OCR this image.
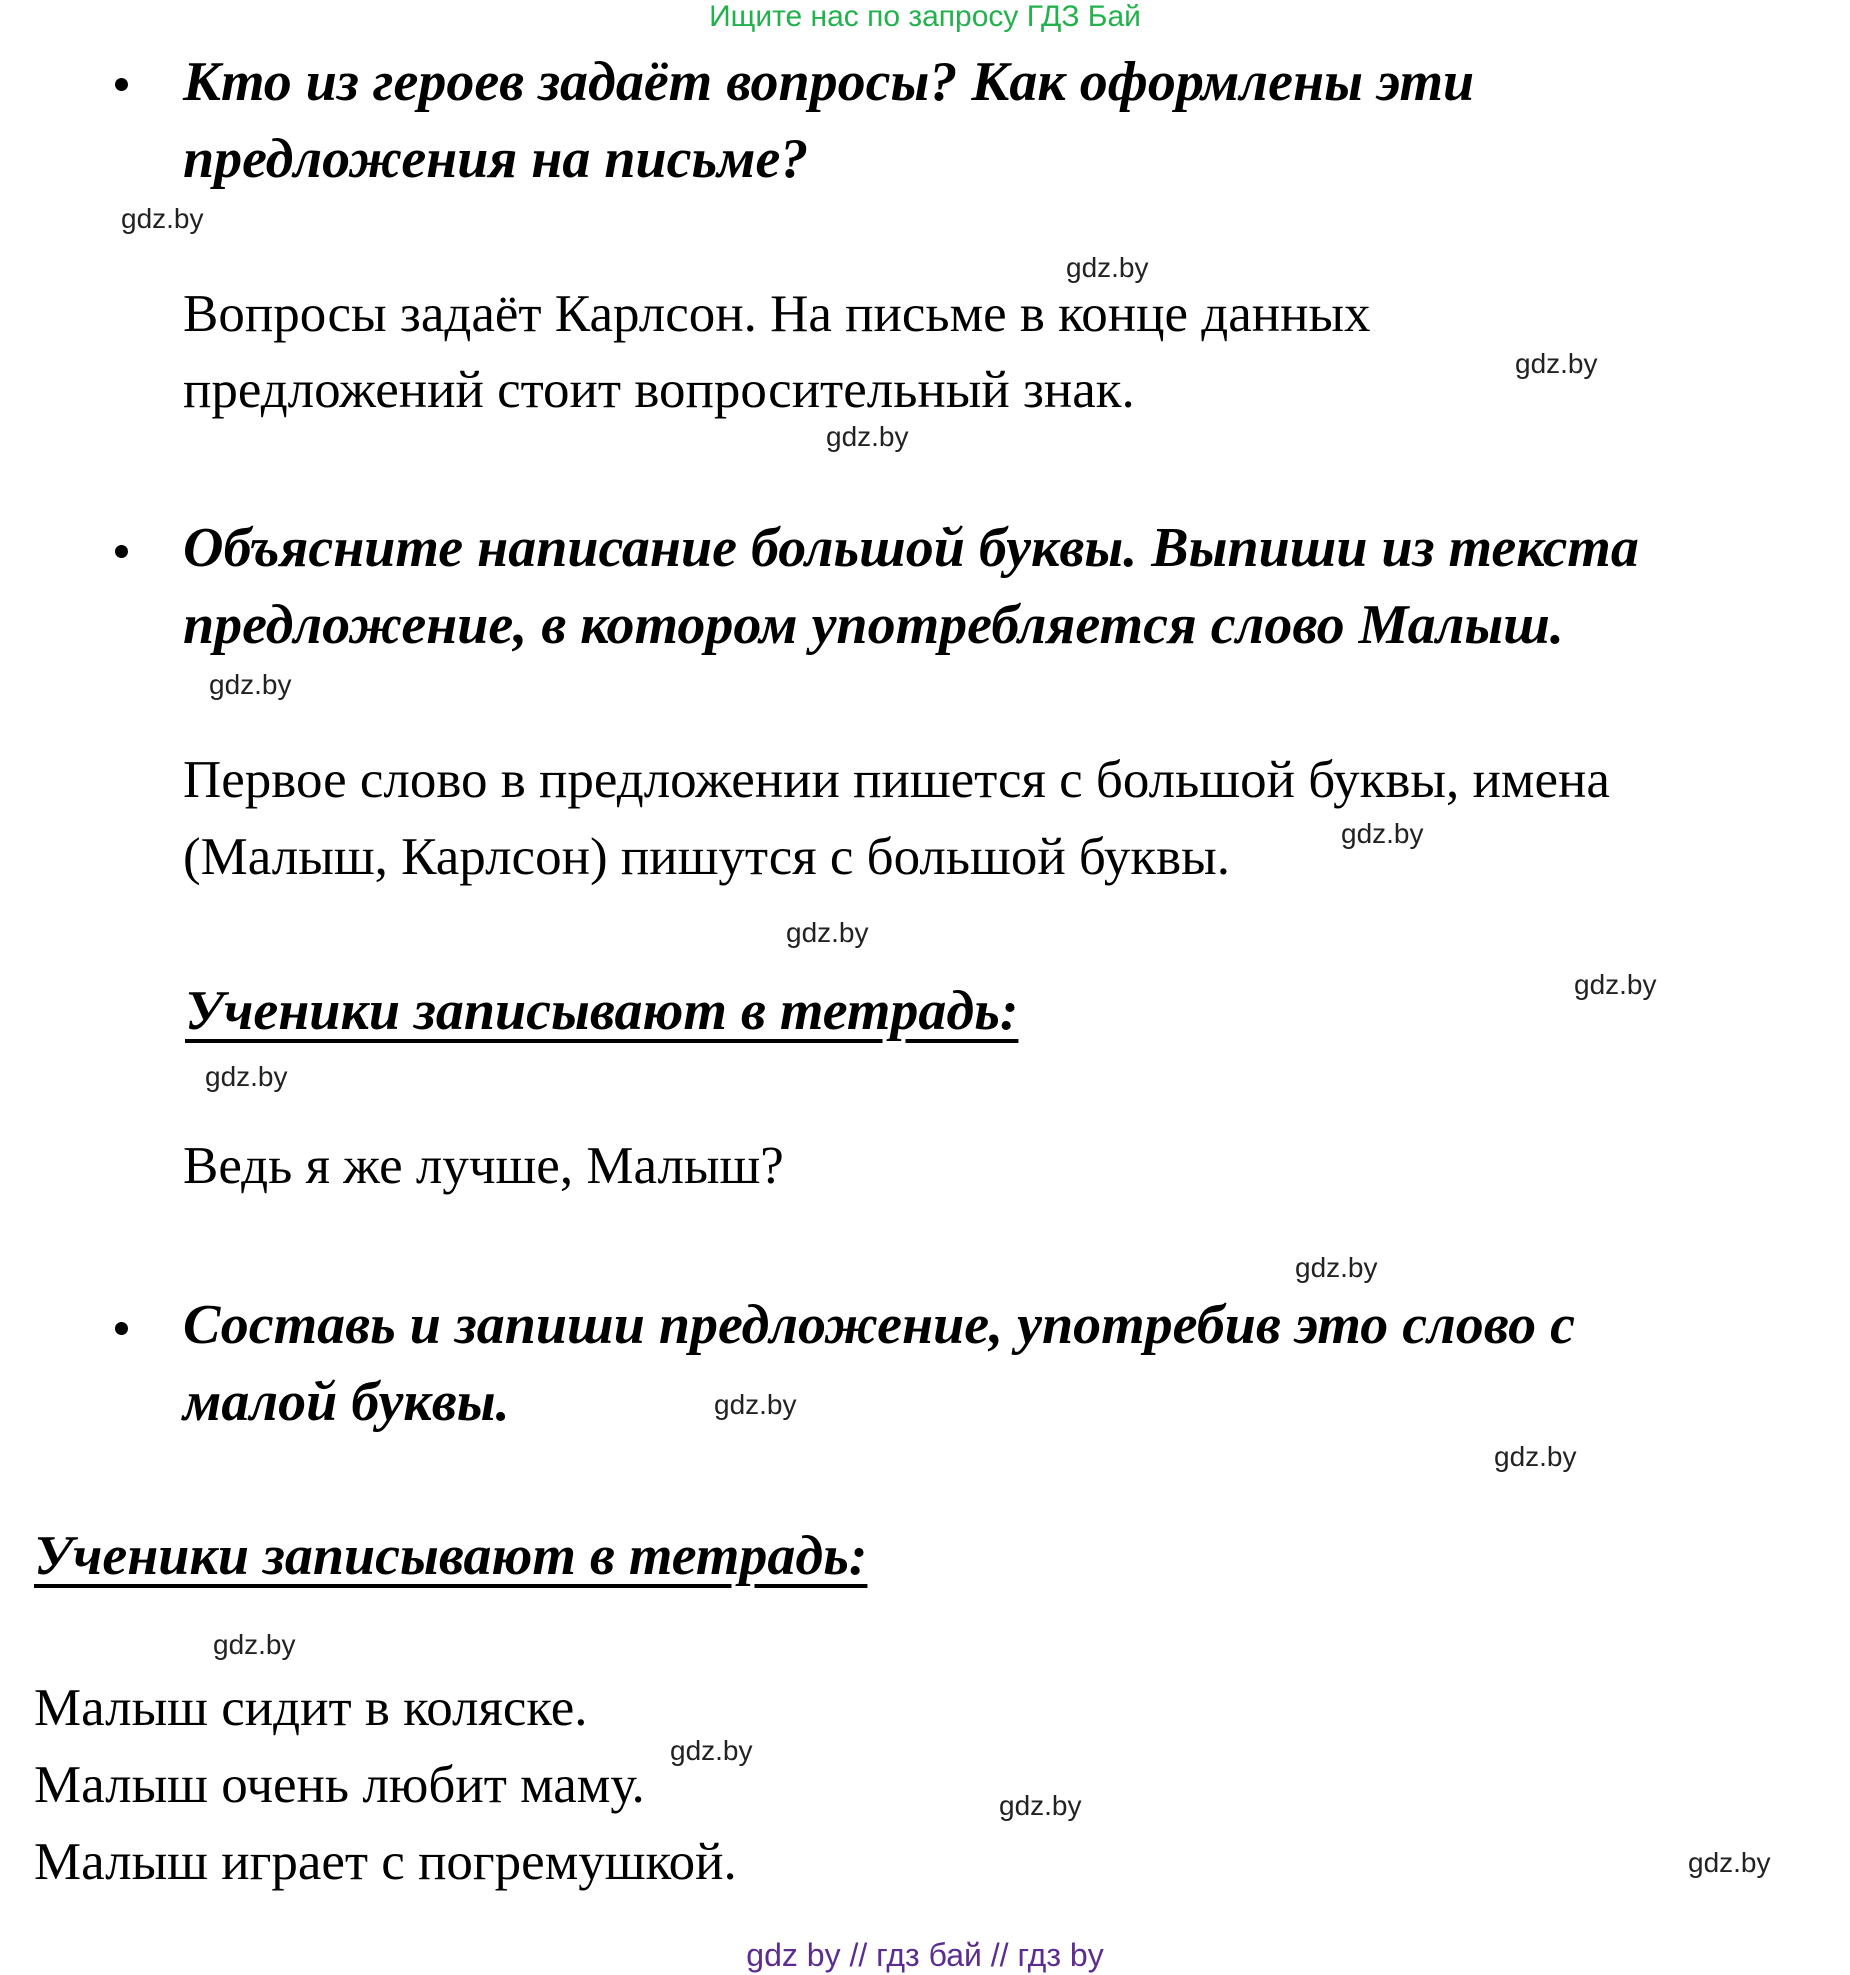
Ищите нас по запросу ГДЗ Бай

Кто из героев задаёт вопросы? Как оформлены эти

предложения на письме?

Вопросы задаёт Карлсон. На письме в конце данных

предложений стоит вопросительный знак.

Объясните написание большой буквы. Выпиши из текста

предложение, в котором употребляется слово Малыш.

Первое слово в предложении пишется с большой буквы, имена

(Малыш, Карлсон) пишутся с большой буквы.

Ученики записывают в тетрадь:

Ведь я же лучше, Малыш?

Составь и запиши предложение, употребив это слово с

малой буквы.

Ученики записывают в тетрадь:

Малыш сидит в коляске.

Малыш очень любит маму.

Малыш играет с погремушкой.

gdz.by
gdz.by
gdz.by
gdz.by
gdz.by
gdz.by
gdz.by
gdz.by
gdz.by
gdz.by
gdz.by
gdz.by
gdz.by
gdz.by
gdz.by
gdz.by
gdz by // гдз бай // гдз by
